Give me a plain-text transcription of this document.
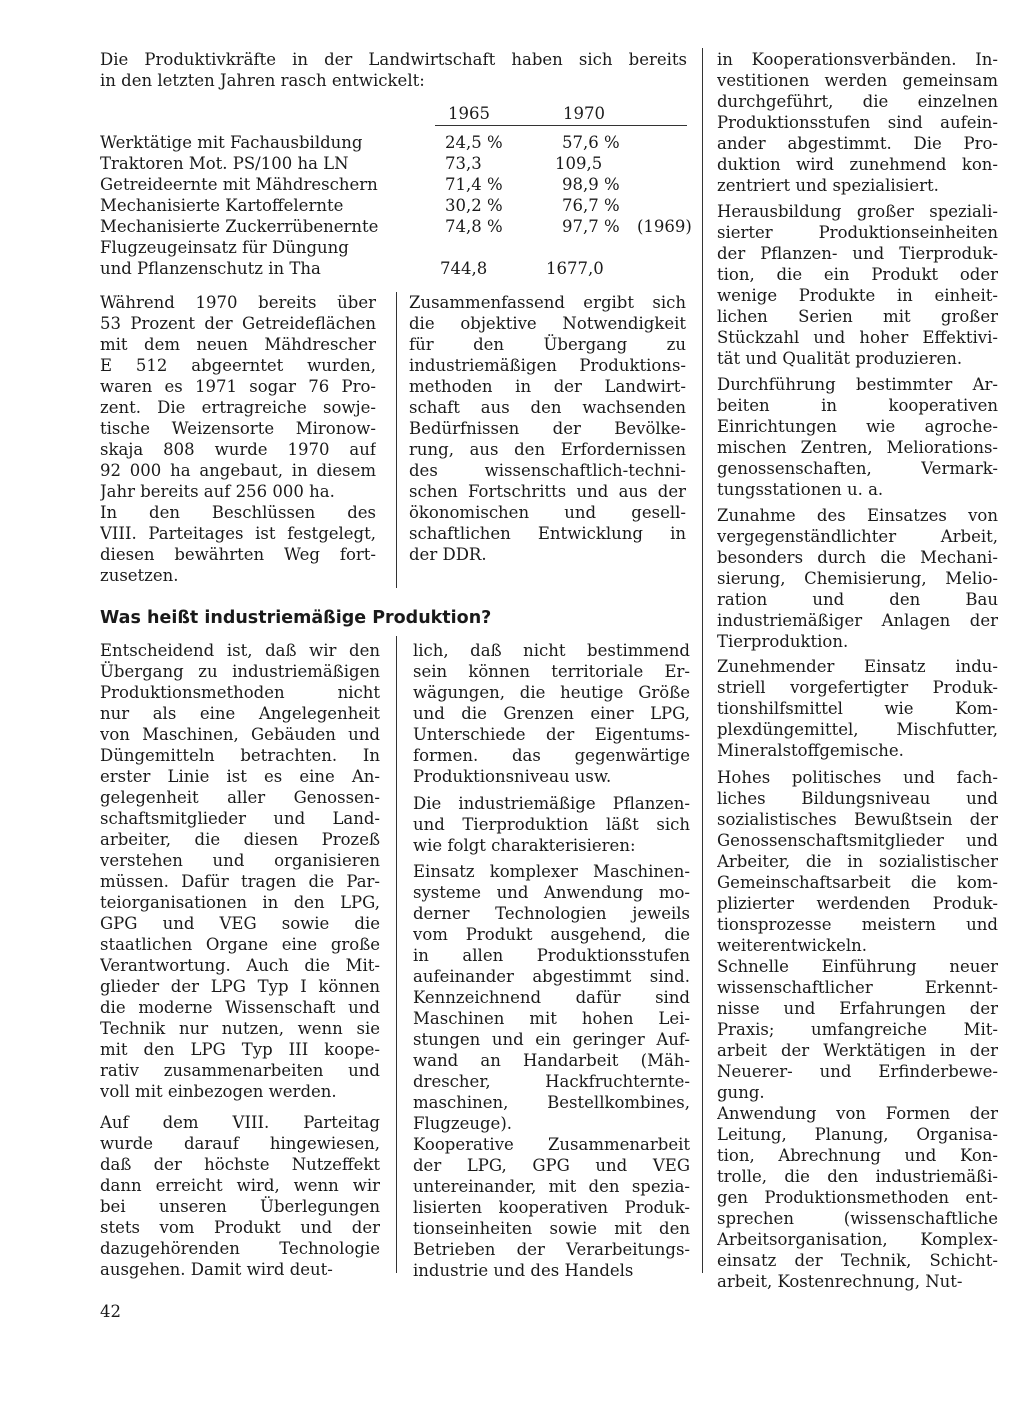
Die Produktivkräfte in der Landwirtschaft haben sich bereits
in den letzten Jahren rasch entwickelt:
1965	1970
Werktätige mit Fachausbildung	24,5 %	57,6 %
Traktoren Mot. PS/100 ha LN	73,3	109,5
Getreideernte mit Mähdreschern	71,4 %	98,9 %
Mechanisierte Kartoffelernte	30,2 %	76,7 %
Mechanisierte Zuckerrübenernte	74,8 %	97,7 % (1969)
Flugzeugeinsatz für Düngung
und Pflanzenschutz in Tha	744,8	1677,0
Während 1970 bereits über
53 Prozent der Getreideflächen
mit dem neuen Mähdrescher
E 512 abgeerntet wurden,
waren es 1971 sogar 76 Pro-
zent. Die ertragreiche sowje-
tische Weizensorte Mironow-
skaja 808 wurde 1970 auf
92 000 ha angebaut, in diesem
Jahr bereits auf 256 000 ha.
In den Beschlüssen des
VIII. Parteitages ist festgelegt,
diesen bewährten Weg fort-
zusetzen.
Zusammenfassend ergibt sich
die objektive Notwendigkeit
für den Übergang zu
industriemäßigen Produktions-
methoden in der Landwirt-
schaft aus den wachsenden
Bedürfnissen der Bevölke-
rung, aus den Erfordernissen
des wissenschaftlich-techni-
schen Fortschritts und aus der
ökonomischen und gesell-
schaftlichen Entwicklung in
der DDR.
Was heißt industriemäßige Produktion?
Entscheidend ist, daß wir den
Übergang zu industriemäßigen
Produktionsmethoden nicht
nur als eine Angelegenheit
von Maschinen, Gebäuden und
Düngemitteln betrachten. In
erster Linie ist es eine An-
gelegenheit aller Genossen-
schaftsmitglieder und Land-
arbeiter, die diesen Prozeß
verstehen und organisieren
müssen. Dafür tragen die Par-
teiorganisationen in den LPG,
GPG und VEG sowie die
staatlichen Organe eine große
Verantwortung. Auch die Mit-
glieder der LPG Typ I können
die moderne Wissenschaft und
Technik nur nutzen, wenn sie
mit den LPG Typ III koope-
rativ zusammenarbeiten und
voll mit einbezogen werden.
Auf dem VIII. Parteitag
wurde darauf hingewiesen,
daß der höchste Nutzeffekt
dann erreicht wird, wenn wir
bei unseren Überlegungen
stets vom Produkt und der
dazugehörenden Technologie
ausgehen. Damit wird deut-
lich, daß nicht bestimmend
sein können territoriale Er-
wägungen, die heutige Größe
und die Grenzen einer LPG,
Unterschiede der Eigentums-
formen. das gegenwärtige
Produktionsniveau usw.
Die industriemäßige Pflanzen-
und Tierproduktion läßt sich
wie folgt charakterisieren:
Einsatz komplexer Maschinen-
systeme und Anwendung mo-
derner Technologien jeweils
vom Produkt ausgehend, die
in allen Produktionsstufen
aufeinander abgestimmt sind.
Kennzeichnend dafür sind
Maschinen mit hohen Lei-
stungen und ein geringer Auf-
wand an Handarbeit (Mäh-
drescher, Hackfruchternte-
maschinen, Bestellkombines,
Flugzeuge).
Kooperative Zusammenarbeit
der LPG, GPG und VEG
untereinander, mit den spezia-
lisierten kooperativen Produk-
tionseinheiten sowie mit den
Betrieben der Verarbeitungs-
industrie und des Handels
in Kooperationsverbänden. In-
vestitionen werden gemeinsam
durchgeführt, die einzelnen
Produktionsstufen sind aufein-
ander abgestimmt. Die Pro-
duktion wird zunehmend kon-
zentriert und spezialisiert.
Herausbildung großer speziali-
sierter Produktionseinheiten
der Pflanzen- und Tierproduk-
tion, die ein Produkt oder
wenige Produkte in einheit-
lichen Serien mit großer
Stückzahl und hoher Effektivi-
tät und Qualität produzieren.
Durchführung bestimmter Ar-
beiten in kooperativen
Einrichtungen wie agroche-
mischen Zentren, Meliorations-
genossenschaften, Vermark-
tungsstationen u. a.
Zunahme des Einsatzes von
vergegenständlichter Arbeit,
besonders durch die Mechani-
sierung, Chemisierung, Melio-
ration und den Bau
industriemäßiger Anlagen der
Tierproduktion.
Zunehmender Einsatz indu-
striell vorgefertigter Produk-
tionshilfsmittel wie Kom-
plexdüngemittel, Mischfutter,
Mineralstoffgemische.
Hohes politisches und fach-
liches Bildungsniveau und
sozialistisches Bewußtsein der
Genossenschaftsmitglieder und
Arbeiter, die in sozialistischer
Gemeinschaftsarbeit die kom-
plizierter werdenden Produk-
tionsprozesse meistern und
weiterentwickeln.
Schnelle Einführung neuer
wissenschaftlicher Erkennt-
nisse und Erfahrungen der
Praxis; umfangreiche Mit-
arbeit der Werktätigen in der
Neuerer- und Erfinderbewe-
gung.
Anwendung von Formen der
Leitung, Planung, Organisa-
tion, Abrechnung und Kon-
trolle, die den industriemäßi-
gen Produktionsmethoden ent-
sprechen (wissenschaftliche
Arbeitsorganisation, Komplex-
einsatz der Technik, Schicht-
arbeit, Kostenrechnung, Nut-
42
